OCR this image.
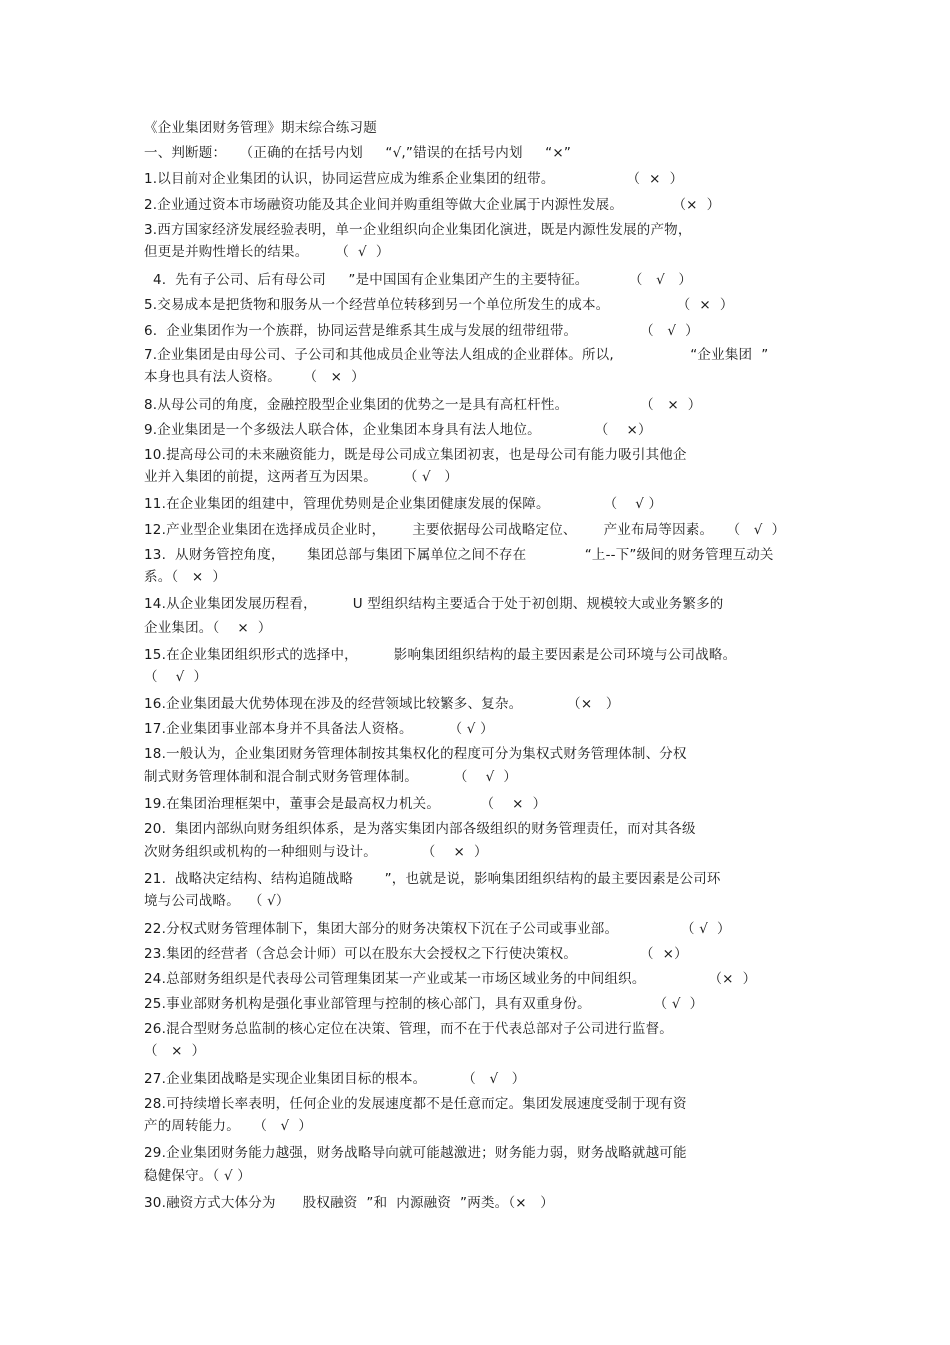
《企业集团财务管理》期末综合练习题
一、判断题：   （正确的在括号内划     “√,”错误的在括号内划     “×”
1.以目前对企业集团的认识，协同运营应成为维系企业集团的纽带。                （  ×  ）
2.企业通过资本市场融资功能及其企业间并购重组等做大企业属于内源性发展。           （×  ）
3.西方国家经济发展经验表明，单一企业组织向企业集团化演进，既是内源性发展的产物，
但更是并购性增长的结果。      （  √  ）
4.  先有子公司、后有母公司     ”是中国国有企业集团产生的主要特征。         （   √   ）
5.交易成本是把货物和服务从一个经营单位转移到另一个单位所发生的成本。               （  ×  ）
6.  企业集团作为一个族群，协同运营是维系其生成与发展的纽带纽带。              （   √  ）
7.企业集团是由母公司、子公司和其他成员企业等法人组成的企业群体。所以,                 “企业集团  ”
本身也具有法人资格。     （   ×  ）
8.从母公司的角度，金融控股型企业集团的优势之一是具有高杠杆性。                （   ×  ）
9.企业集团是一个多级法人联合体，企业集团本身具有法人地位。            （    ×）
10.提高母公司的未来融资能力，既是母公司成立集团初衷，也是母公司有能力吸引其他企
业并入集团的前提，这两者互为因果。      （ √   ）
11.在企业集团的组建中，管理优势则是企业集团健康发展的保障。            （    √ ）
12.产业型企业集团在选择成员企业时，      主要依据母公司战略定位、      产业布局等因素。   （   √  ）
13.  从财务管控角度，     集团总部与集团下属单位之间不存在             “上--下”级间的财务管理互动关
系。（   ×  ）
14.从企业集团发展历程看，        U 型组织结构主要适合于处于初创期、规模较大或业务繁多的
企业集团。（    ×  ）
15.在企业集团组织形式的选择中，        影响集团组织结构的最主要因素是公司环境与公司战略。
（    √  ）
16.企业集团最大优势体现在涉及的经营领域比较繁多、复杂。          （×   ）
17.企业集团事业部本身并不具备法人资格。        （ √ ）
18.一般认为，企业集团财务管理体制按其集权化的程度可分为集权式财务管理体制、分权
制式财务管理体制和混合制式财务管理体制。        （    √  ）
19.在集团治理框架中，董事会是最高权力机关。         （    ×  ）
20.  集团内部纵向财务组织体系，是为落实集团内部各级组织的财务管理责任，而对其各级
次财务组织或机构的一种细则与设计。          （    ×  ）
21.  战略决定结构、结构追随战略       ”，也就是说，影响集团组织结构的最主要因素是公司环
境与公司战略。  （ √）
22.分权式财务管理体制下，集团大部分的财务决策权下沉在子公司或事业部。              （ √  ）
23.集团的经营者（含总会计师）可以在股东大会授权之下行使决策权。              （  ×）
24.总部财务组织是代表母公司管理集团某一产业或某一市场区域业务的中间组织。              （×  ）
25.事业部财务机构是强化事业部管理与控制的核心部门，具有双重身份。              （ √  ）
26.混合型财务总监制的核心定位在决策、管理，而不在于代表总部对子公司进行监督。
（   ×  ）
27.企业集团战略是实现企业集团目标的根本。        （   √   ）
28.可持续增长率表明，任何企业的发展速度都不是任意而定。集团发展速度受制于现有资
产的周转能力。   （   √  ）
29.企业集团财务能力越强，财务战略导向就可能越激进；财务能力弱，财务战略就越可能
稳健保守。（ √ ）
30.融资方式大体分为      股权融资  ”和  内源融资  ”两类。（×   ）
